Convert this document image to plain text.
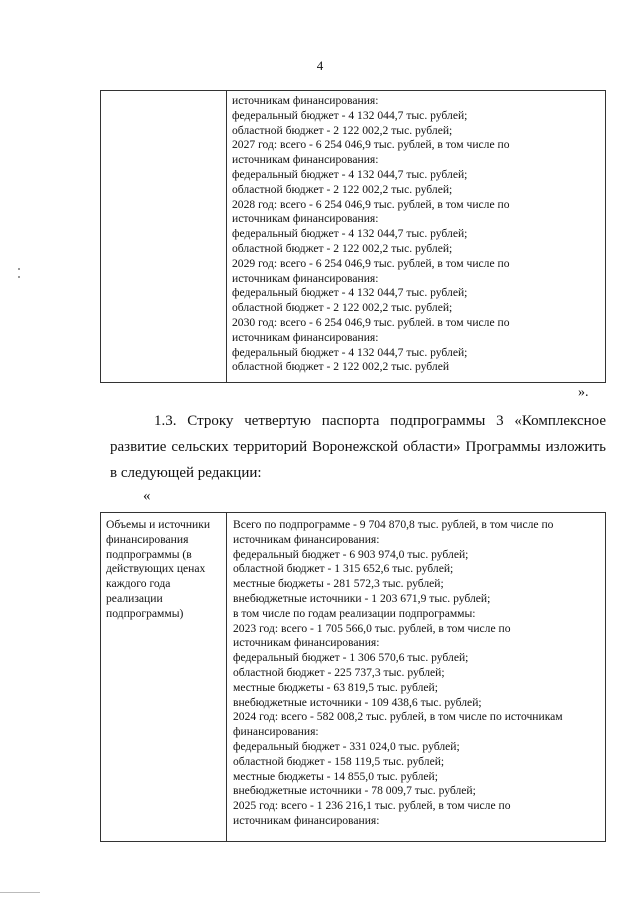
4
источникам финансирования:
федеральный бюджет - 4 132 044,7 тыс. рублей;
областной бюджет - 2 122 002,2 тыс. рублей;
2027 год: всего - 6 254 046,9 тыс. рублей, в том числе по
источникам финансирования:
федеральный бюджет - 4 132 044,7 тыс. рублей;
областной бюджет - 2 122 002,2 тыс. рублей;
2028 год: всего - 6 254 046,9 тыс. рублей, в том числе по
источникам финансирования:
федеральный бюджет - 4 132 044,7 тыс. рублей;
областной бюджет - 2 122 002,2 тыс. рублей;
2029 год: всего - 6 254 046,9 тыс. рублей, в том числе по
источникам финансирования:
федеральный бюджет - 4 132 044,7 тыс. рублей;
областной бюджет - 2 122 002,2 тыс. рублей;
2030 год: всего - 6 254 046,9 тыс. рублей. в том числе по
источникам финансирования:
федеральный бюджет - 4 132 044,7 тыс. рублей;
областной бюджет - 2 122 002,2 тыс. рублей
».
1.3. Строку четвертую паспорта подпрограммы 3 «Комплексное
развитие сельских территорий Воронежской области» Программы изложить
в следующей редакции:
«
Объемы и источники
финансирования
подпрограммы (в
действующих ценах
каждого года
реализации
подпрограммы)
Всего по подпрограмме - 9 704 870,8 тыс. рублей, в том числе по
источникам финансирования:
федеральный бюджет - 6 903 974,0 тыс. рублей;
областной бюджет - 1 315 652,6 тыс. рублей;
местные бюджеты - 281 572,3 тыс. рублей;
внебюджетные источники - 1 203 671,9 тыс. рублей;
в том числе по годам реализации подпрограммы:
2023 год: всего - 1 705 566,0 тыс. рублей, в том числе по
источникам финансирования:
федеральный бюджет - 1 306 570,6 тыс. рублей;
областной бюджет - 225 737,3 тыс. рублей;
местные бюджеты - 63 819,5 тыс. рублей;
внебюджетные источники - 109 438,6 тыс. рублей;
2024 год: всего - 582 008,2 тыс. рублей, в том числе по источникам
финансирования:
федеральный бюджет - 331 024,0 тыс. рублей;
областной бюджет - 158 119,5 тыс. рублей;
местные бюджеты - 14 855,0 тыс. рублей;
внебюджетные источники - 78 009,7 тыс. рублей;
2025 год: всего - 1 236 216,1 тыс. рублей, в том числе по
источникам финансирования:
